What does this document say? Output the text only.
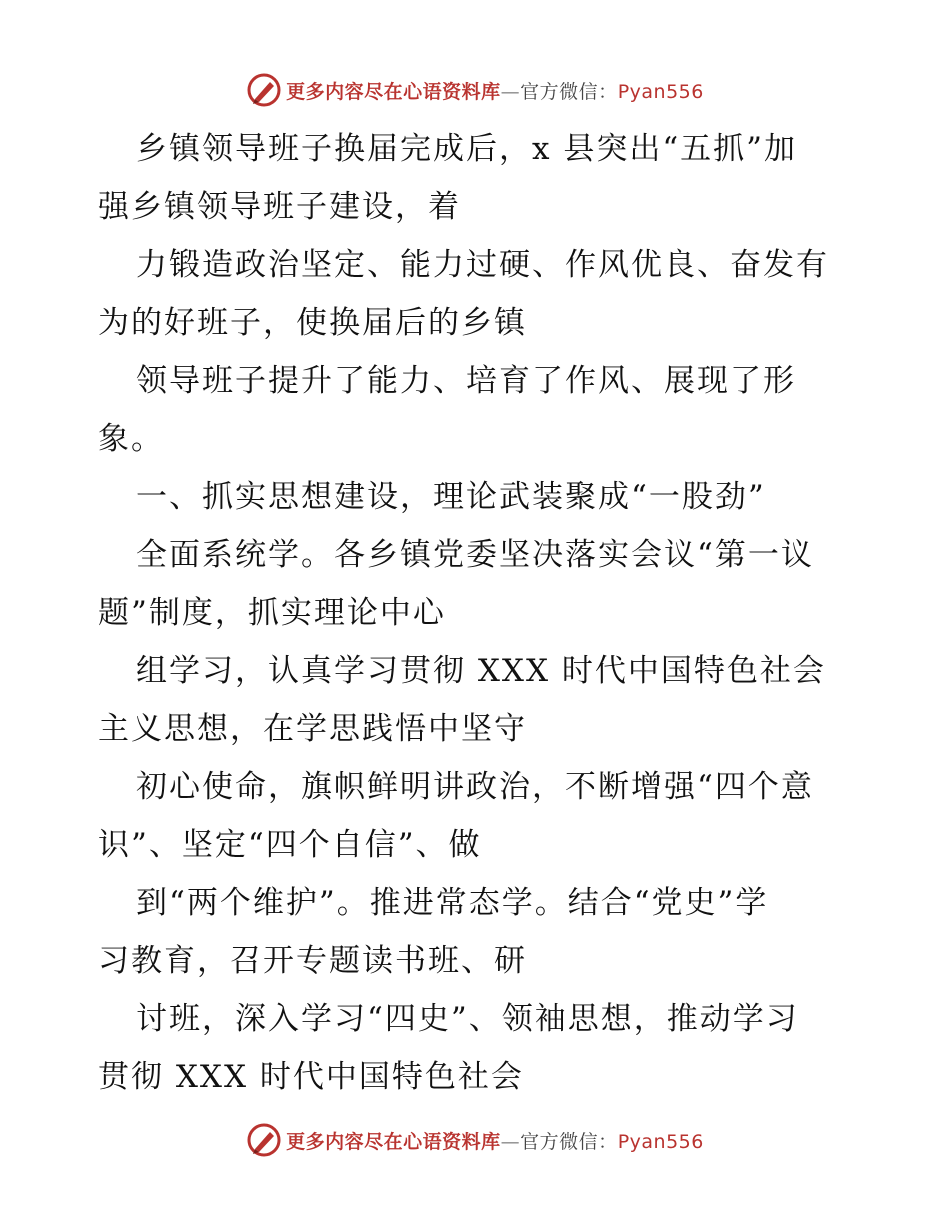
更多内容尽在心语资料库—官方微信：Pyan556
乡镇领导班子换届完成后，x 县突出“五抓”加
强乡镇领导班子建设，着
力锻造政治坚定、能力过硬、作风优良、奋发有
为的好班子，使换届后的乡镇
领导班子提升了能力、培育了作风、展现了形
象。
一、抓实思想建设，理论武装聚成“一股劲”
全面系统学。各乡镇党委坚决落实会议“第一议
题”制度，抓实理论中心
组学习，认真学习贯彻 XXX 时代中国特色社会
主义思想，在学思践悟中坚守
初心使命，旗帜鲜明讲政治，不断增强“四个意
识”、坚定“四个自信”、做
到“两个维护”。推进常态学。结合“党史”学
习教育，召开专题读书班、研
讨班，深入学习“四史”、领袖思想，推动学习
贯彻 XXX 时代中国特色社会
更多内容尽在心语资料库—官方微信：Pyan556
